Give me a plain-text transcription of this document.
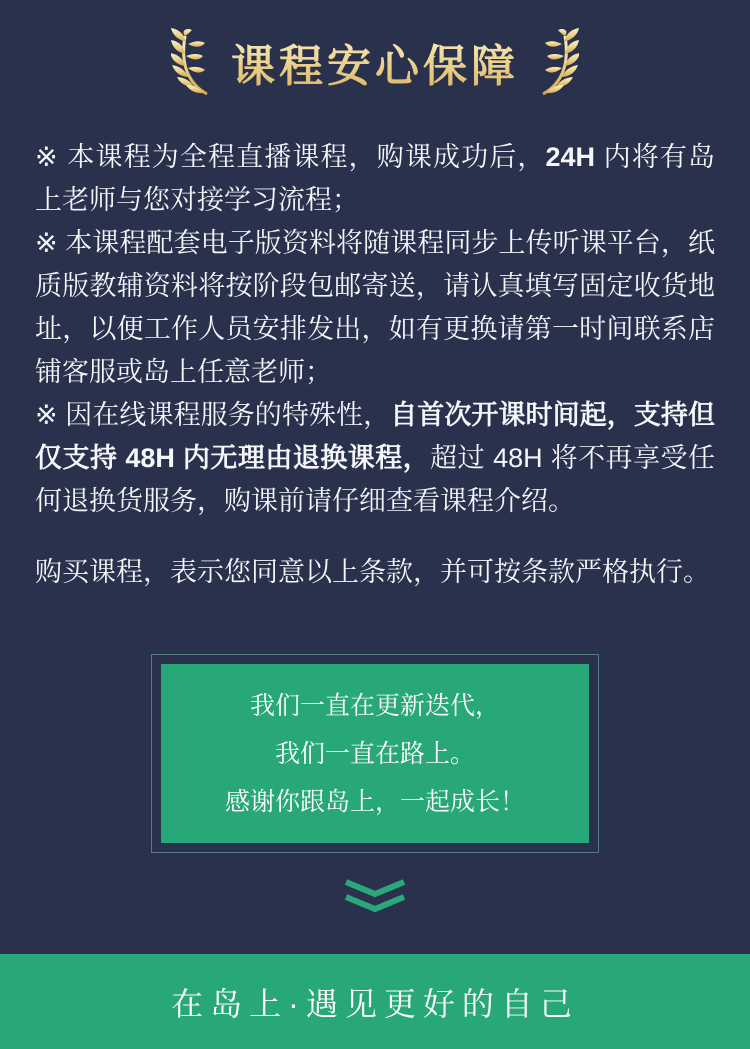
课程安心保障

※ 本课程为全程直播课程，购课成功后，24H 内将有岛上老师与您对接学习流程；

※ 本课程配套电子版资料将随课程同步上传听课平台，纸质版教辅资料将按阶段包邮寄送，请认真填写固定收货地址，以便工作人员安排发出，如有更换请第一时间联系店铺客服或岛上任意老师；

※ 因在线课程服务的特殊性，自首次开课时间起，支持但仅支持 48H 内无理由退换课程，超过 48H 将不再享受任何退换货服务，购课前请仔细查看课程介绍。

购买课程，表示您同意以上条款，并可按条款严格执行。
我们一直在更新迭代，
我们一直在路上。
感谢你跟岛上，一起成长！
在岛上·遇见更好的自己
